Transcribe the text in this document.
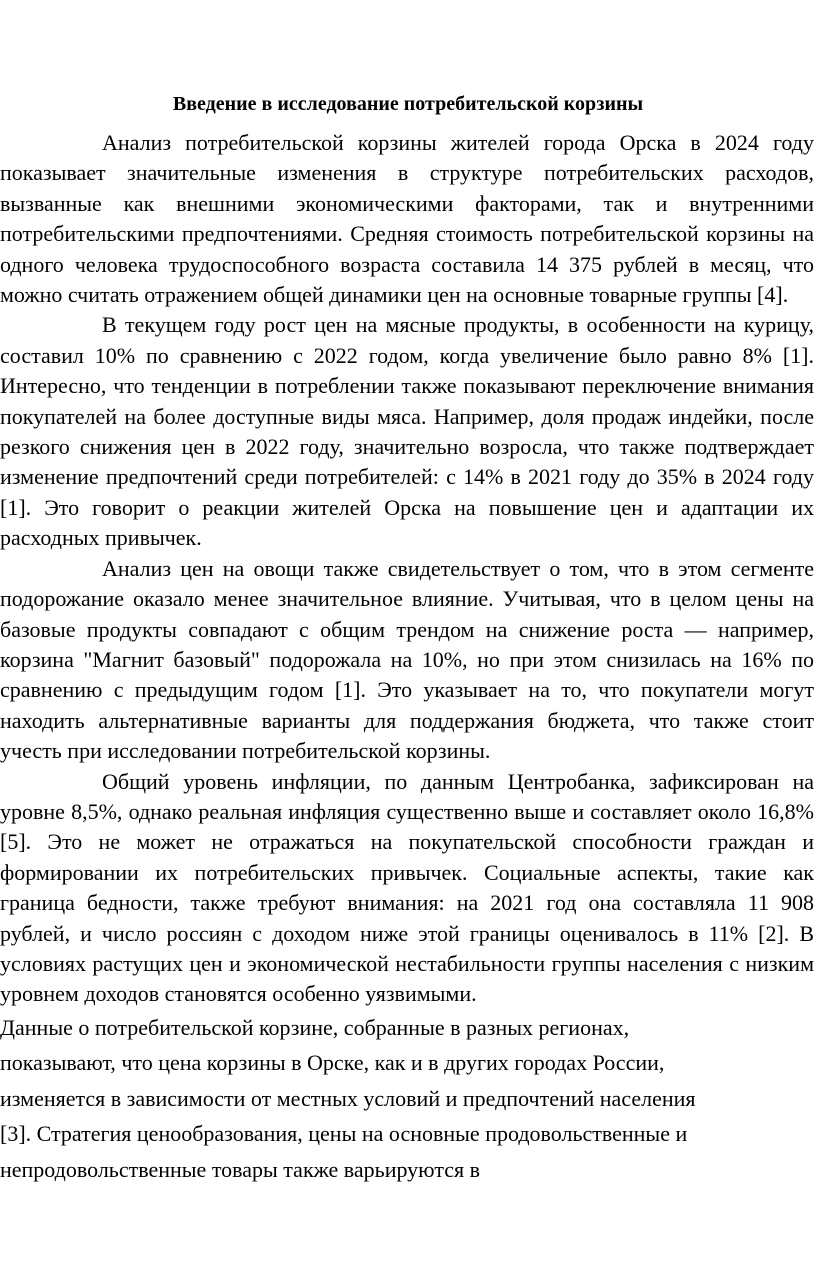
Введение в исследование потребительской корзины

Анализ потребительской корзины жителей города Орска в 2024 году показывает значительные изменения в структуре потребительских расходов, вызванные как внешними экономическими факторами, так и внутренними потребительскими предпочтениями. Средняя стоимость потребительской корзины на одного человека трудоспособного возраста составила 14 375 рублей в месяц, что можно считать отражением общей динамики цен на основные товарные группы [4].

В текущем году рост цен на мясные продукты, в особенности на курицу, составил 10% по сравнению с 2022 годом, когда увеличение было равно 8% [1]. Интересно, что тенденции в потреблении также показывают переключение внимания покупателей на более доступные виды мяса. Например, доля продаж индейки, после резкого снижения цен в 2022 году, значительно возросла, что также подтверждает изменение предпочтений среди потребителей: с 14% в 2021 году до 35% в 2024 году [1]. Это говорит о реакции жителей Орска на повышение цен и адаптации их расходных привычек.

Анализ цен на овощи также свидетельствует о том, что в этом сегменте подорожание оказало менее значительное влияние. Учитывая, что в целом цены на базовые продукты совпадают с общим трендом на снижение роста — например, корзина "Магнит базовый" подорожала на 10%, но при этом снизилась на 16% по сравнению с предыдущим годом [1]. Это указывает на то, что покупатели могут находить альтернативные варианты для поддержания бюджета, что также стоит учесть при исследовании потребительской корзины.

Общий уровень инфляции, по данным Центробанка, зафиксирован на уровне 8,5%, однако реальная инфляция существенно выше и составляет около 16,8% [5]. Это не может не отражаться на покупательской способности граждан и формировании их потребительских привычек. Социальные аспекты, такие как граница бедности, также требуют внимания: на 2021 год она составляла 11 908 рублей, и число россиян с доходом ниже этой границы оценивалось в 11% [2]. В условиях растущих цен и экономической нестабильности группы населения с низким уровнем доходов становятся особенно уязвимыми.

Данные о потребительской корзине, собранные в разных регионах,

показывают, что цена корзины в Орске, как и в других городах России,

изменяется в зависимости от местных условий и предпочтений населения

[3]. Стратегия ценообразования, цены на основные продовольственные и

непродовольственные товары также варьируются в
